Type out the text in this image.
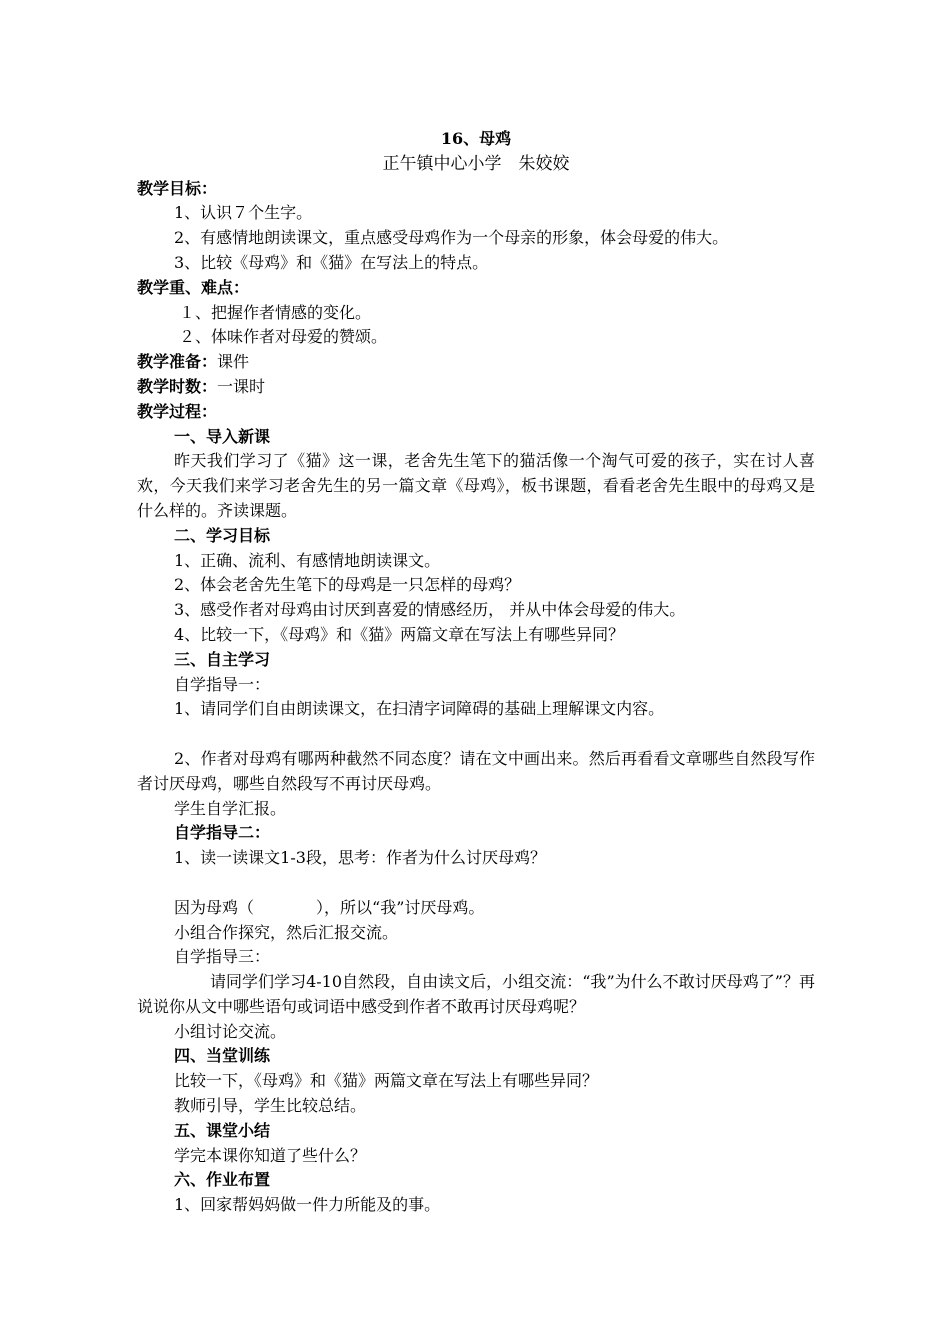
16、母鸡
正午镇中心小学　朱姣姣
教学目标：
1、认识７个生字。
2、有感情地朗读课文，重点感受母鸡作为一个母亲的形象，体会母爱的伟大。
3、比较《母鸡》和《猫》在写法上的特点。
教学重、难点：
１、把握作者情感的变化。
２、体味作者对母爱的赞颂。
教学准备：课件
教学时数：一课时
教学过程：
一、导入新课
昨天我们学习了《猫》这一课，老舍先生笔下的猫活像一个淘气可爱的孩子，实在讨人喜欢，今天我们来学习老舍先生的另一篇文章《母鸡》，板书课题，看看老舍先生眼中的母鸡又是什么样的。齐读课题。
二、学习目标
1、正确、流利、有感情地朗读课文。
2、体会老舍先生笔下的母鸡是一只怎样的母鸡？
3、感受作者对母鸡由讨厌到喜爱的情感经历， 并从中体会母爱的伟大。
4、比较一下，《母鸡》和《猫》两篇文章在写法上有哪些异同？
三、自主学习
自学指导一：
1、请同学们自由朗读课文，在扫清字词障碍的基础上理解课文内容。
2、作者对母鸡有哪两种截然不同态度？请在文中画出来。然后再看看文章哪些自然段写作者讨厌母鸡，哪些自然段写不再讨厌母鸡。
学生自学汇报。
自学指导二：
1、读一读课文1-3段，思考：作者为什么讨厌母鸡？
因为母鸡（	），所以“我”讨厌母鸡。
小组合作探究，然后汇报交流。
自学指导三：
请同学们学习4-10自然段，自由读文后，小组交流：“我”为什么不敢讨厌母鸡了”？再说说你从文中哪些语句或词语中感受到作者不敢再讨厌母鸡呢？
小组讨论交流。
四、当堂训练
比较一下，《母鸡》和《猫》两篇文章在写法上有哪些异同？
教师引导，学生比较总结。
五、课堂小结
学完本课你知道了些什么？
六、作业布置
1、回家帮妈妈做一件力所能及的事。
